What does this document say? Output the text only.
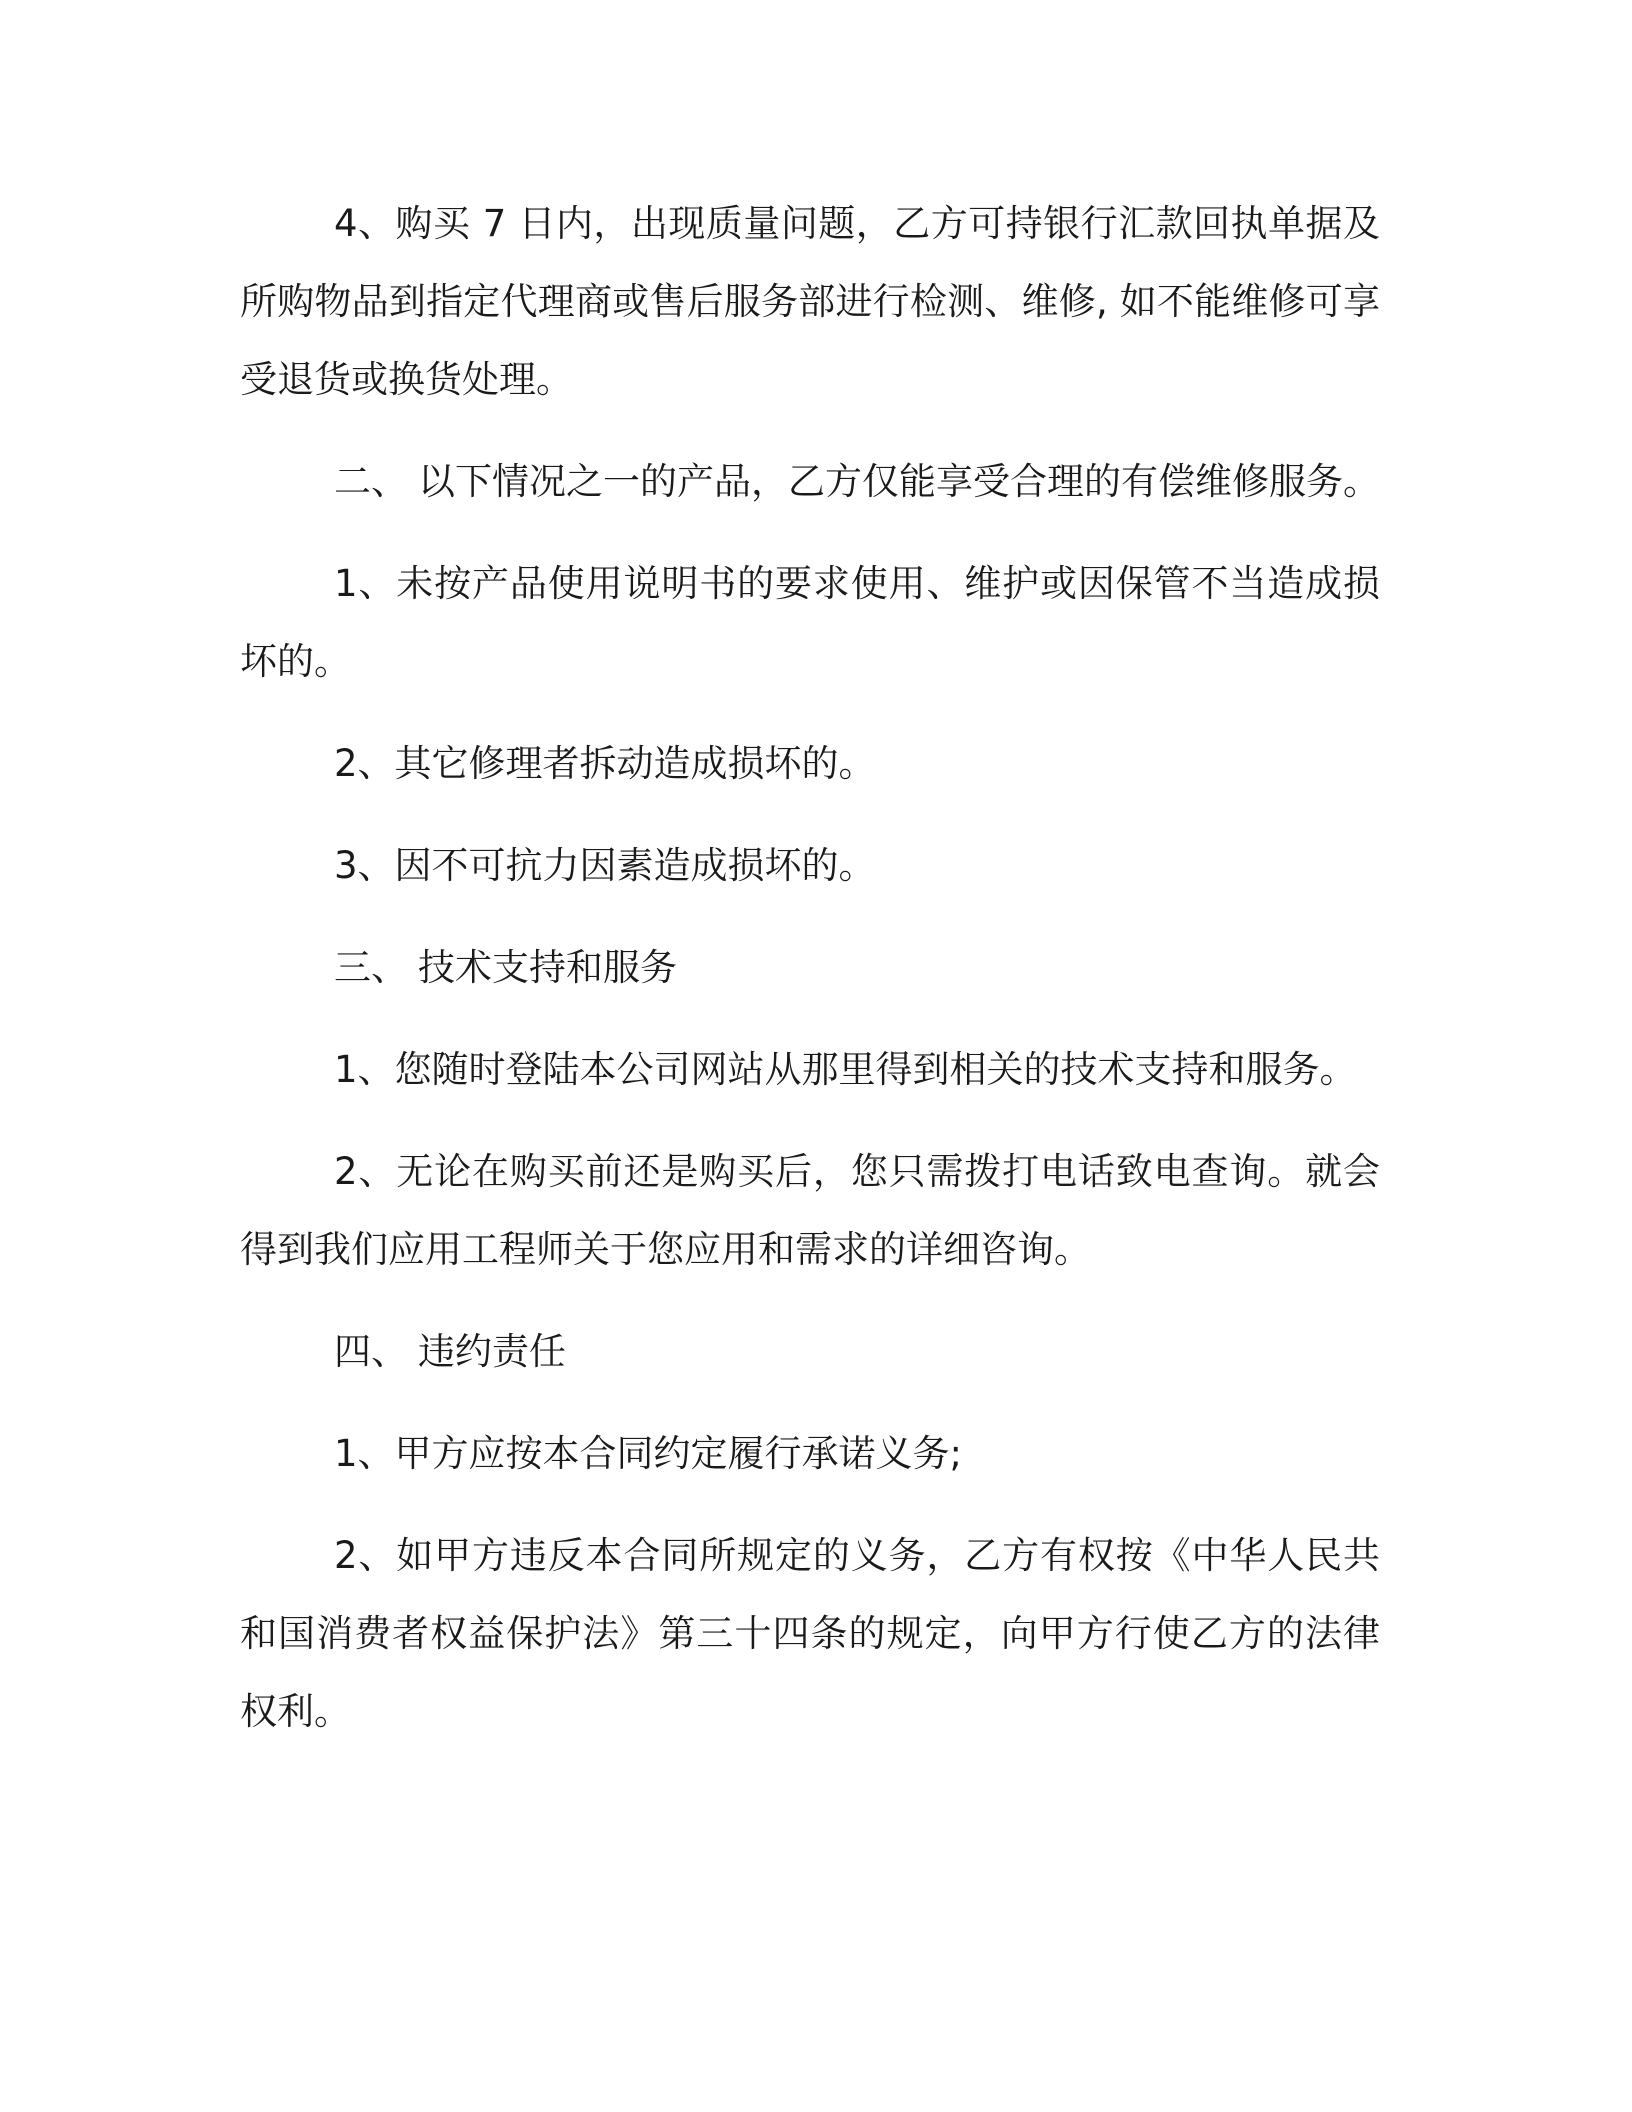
4、购买 7 日内，出现质量问题，乙方可持银行汇款回执单据及所购物品到指定代理商或售后服务部进行检测、维修, 如不能维修可享受退货或换货处理。

二、 以下情况之一的产品，乙方仅能享受合理的有偿维修服务。

1、未按产品使用说明书的要求使用、维护或因保管不当造成损坏的。

2、其它修理者拆动造成损坏的。

3、因不可抗力因素造成损坏的。

三、 技术支持和服务

1、您随时登陆本公司网站从那里得到相关的技术支持和服务。

2、无论在购买前还是购买后，您只需拨打电话致电查询。就会得到我们应用工程师关于您应用和需求的详细咨询。

四、 违约责任

1、甲方应按本合同约定履行承诺义务;

2、如甲方违反本合同所规定的义务，乙方有权按《中华人民共和国消费者权益保护法》第三十四条的规定，向甲方行使乙方的法律权利。
